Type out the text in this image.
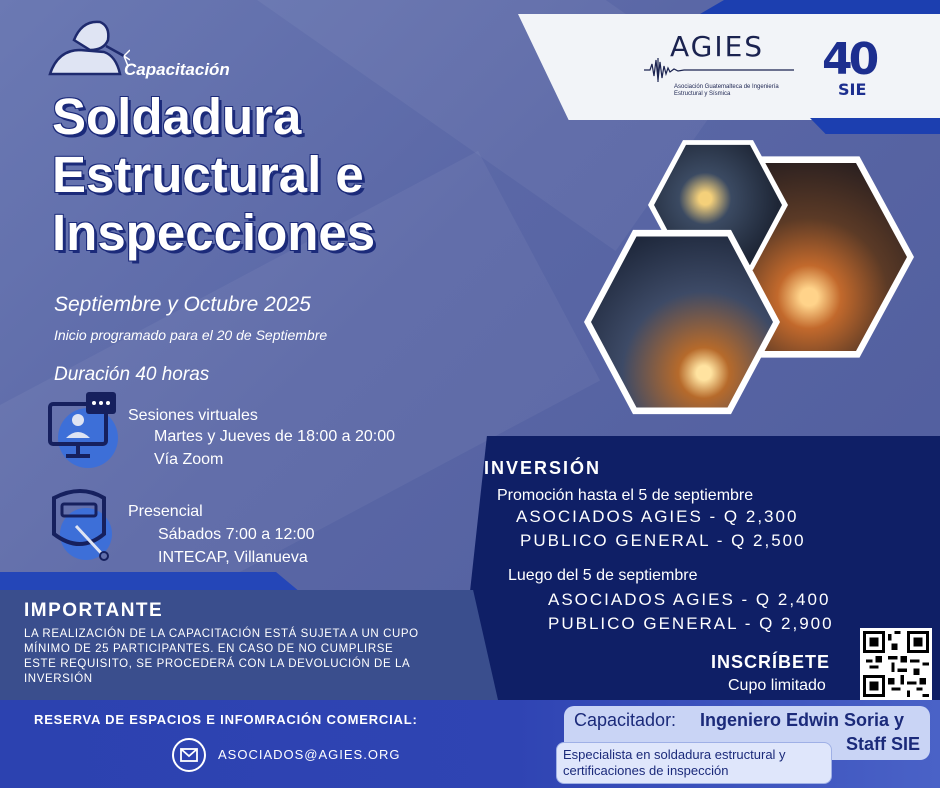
AGIES
Asociación Guatemalteca de Ingeniería Estructural y Sísmica
40
SIE
Capacitación
Soldadura
Estructural e
Inspecciones
Septiembre y Octubre 2025
Inicio programado para el 20 de Septiembre
Duración 40 horas
Sesiones virtuales
Martes y Jueves de 18:00 a 20:00
Vía Zoom
Presencial
Sábados 7:00 a 12:00
INTECAP, Villanueva
INVERSIÓN
Promoción hasta el 5 de septiembre
ASOCIADOS AGIES - Q 2,300
PUBLICO GENERAL - Q 2,500
Luego del 5 de septiembre
ASOCIADOS AGIES - Q 2,400
PUBLICO GENERAL - Q 2,900
INSCRÍBETE
Cupo limitado
IMPORTANTE
LA REALIZACIÓN DE LA CAPACITACIÓN ESTÁ SUJETA A UN CUPO MÍNIMO DE 25 PARTICIPANTES. EN CASO DE NO CUMPLIRSE ESTE REQUISITO, SE PROCEDERÁ CON LA DEVOLUCIÓN DE LA INVERSIÓN
RESERVA DE ESPACIOS E INFOMRACIÓN COMERCIAL:
ASOCIADOS@AGIES.ORG
Capacitador: Ingeniero Edwin Soria y
Staff SIE
Especialista en soldadura estructural y certificaciones de inspección
